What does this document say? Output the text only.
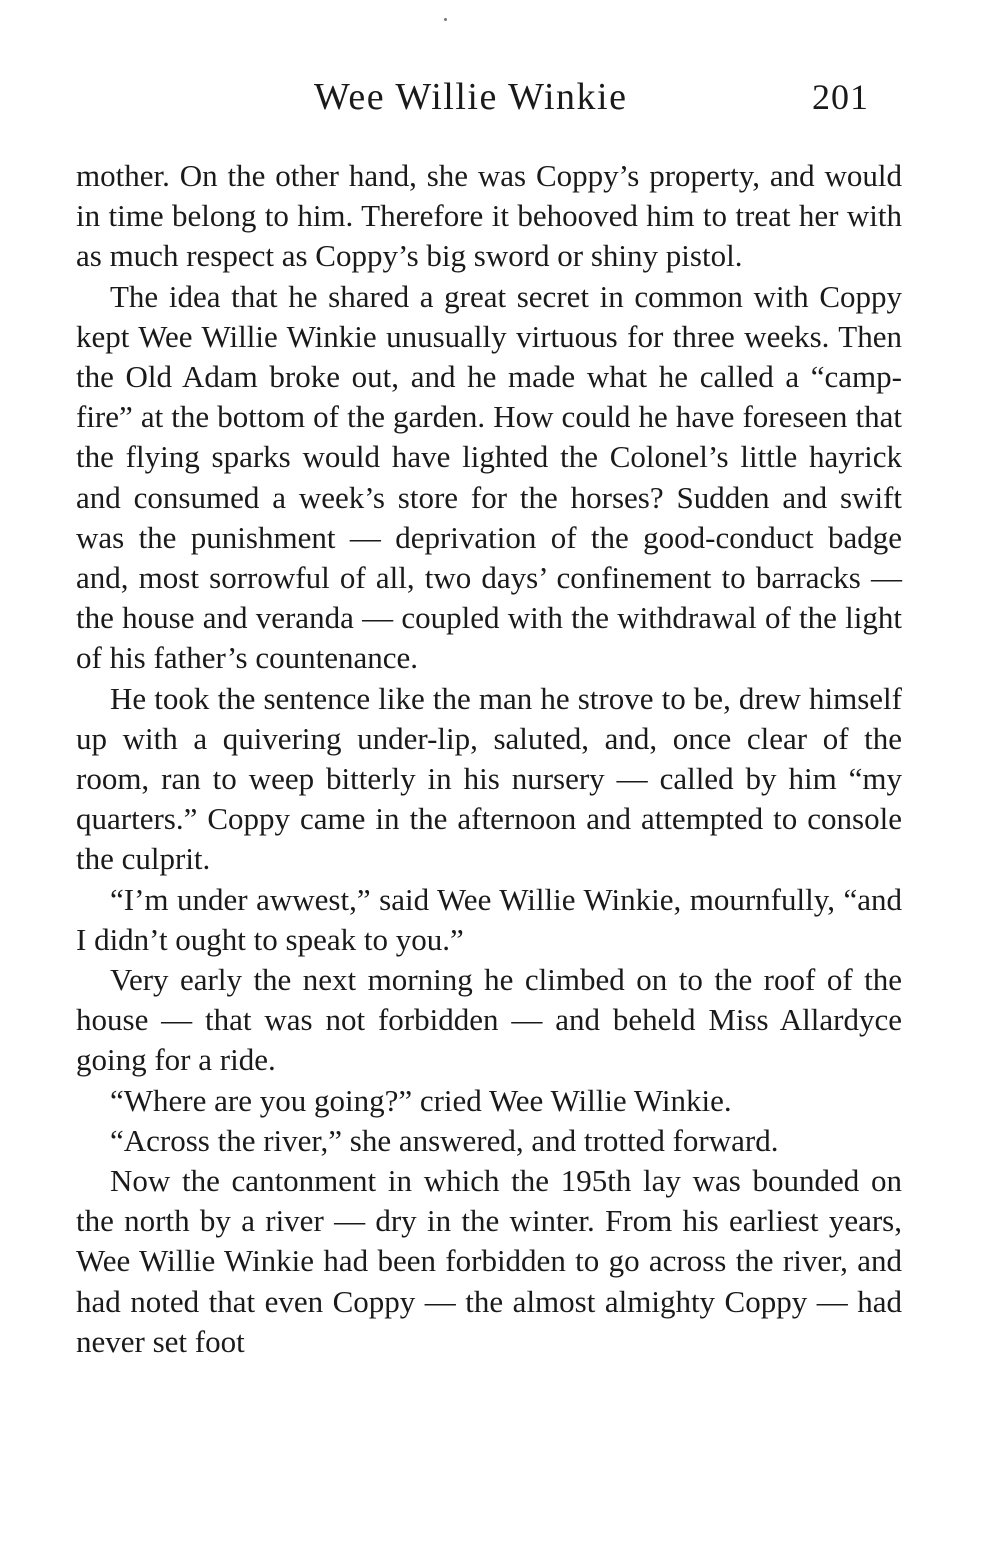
Wee Willie Winkie	201

mother. On the other hand, she was Coppy’s property, and would in time belong to him. Therefore it behooved him to treat her with as much respect as Coppy’s big sword or shiny pistol.

The idea that he shared a great secret in common with Coppy kept Wee Willie Winkie unusually virtuous for three weeks. Then the Old Adam broke out, and he made what he called a “camp-fire” at the bottom of the garden. How could he have foreseen that the flying sparks would have lighted the Colonel’s little hayrick and consumed a week’s store for the horses? Sudden and swift was the punishment — deprivation of the good-conduct badge and, most sorrowful of all, two days’ confinement to barracks — the house and veranda — coupled with the withdrawal of the light of his father’s countenance.

He took the sentence like the man he strove to be, drew himself up with a quivering under-lip, saluted, and, once clear of the room, ran to weep bitterly in his nursery — called by him “my quarters.” Coppy came in the afternoon and attempted to console the culprit.

“I’m under awwest,” said Wee Willie Winkie, mournfully, “and I didn’t ought to speak to you.”

Very early the next morning he climbed on to the roof of the house — that was not forbidden — and beheld Miss Allardyce going for a ride.

“Where are you going?” cried Wee Willie Winkie.

“Across the river,” she answered, and trotted forward.

Now the cantonment in which the 195th lay was bounded on the north by a river — dry in the winter. From his earliest years, Wee Willie Winkie had been forbidden to go across the river, and had noted that even Coppy — the almost almighty Coppy — had never set foot
